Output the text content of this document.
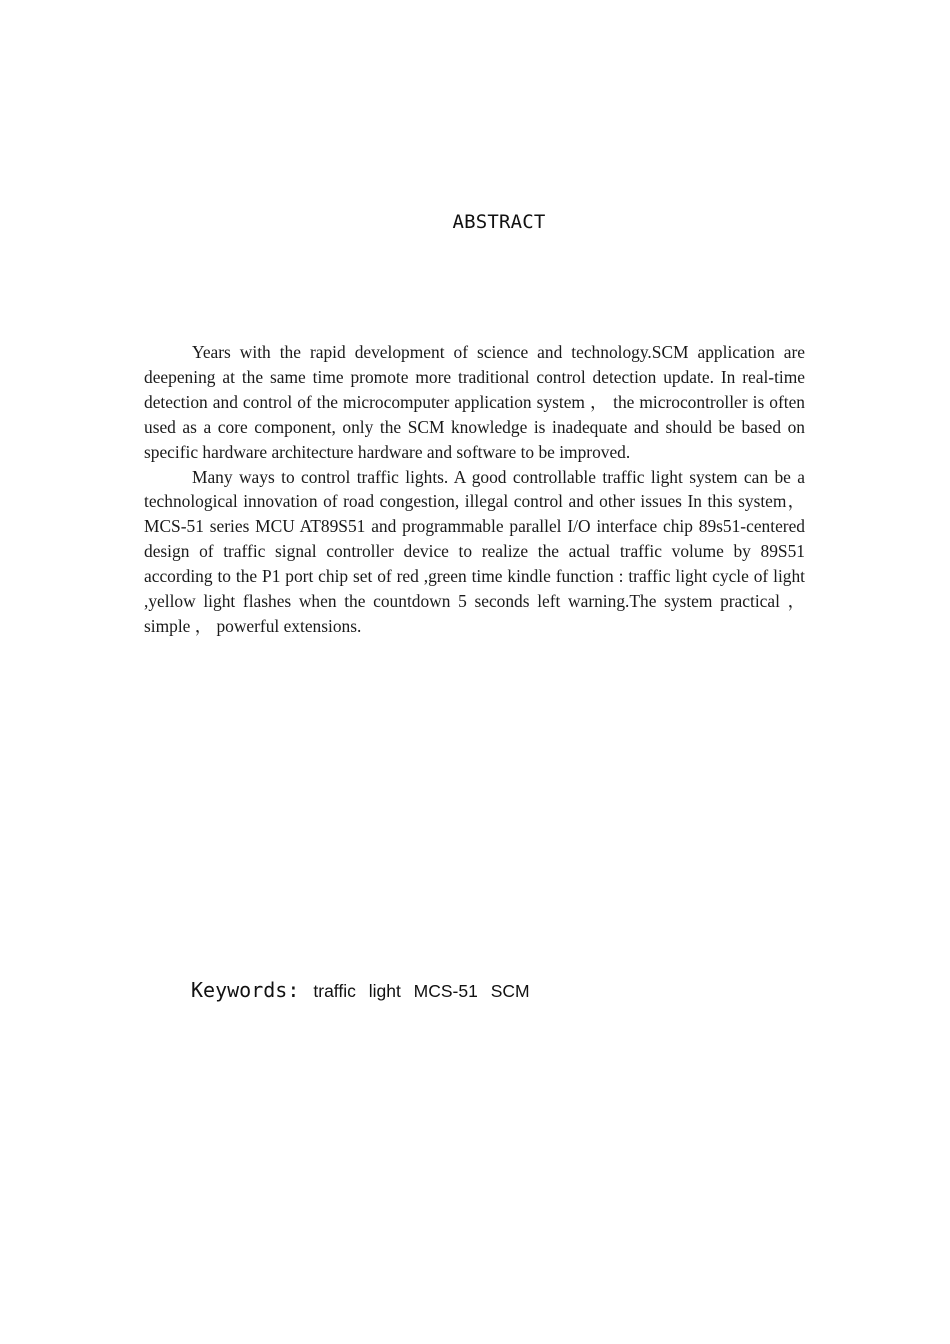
ABSTRACT

Years with the rapid development of science and technology.SCM application are deepening at the same time promote more traditional control detection update. In real-time detection and control of the microcomputer application system ， the microcontroller is often used as a core component, only the SCM knowledge is inadequate and should be based on specific hardware architecture hardware and software to be improved.

Many ways to control traffic lights. A good controllable traffic light system can be a technological innovation of road congestion, illegal control and other issues In this system，MCS-51 series MCU AT89S51 and programmable parallel I/O interface chip 89s51-centered design of traffic signal controller device to realize the actual traffic volume by 89S51 according to the P1 port chip set of red ,green time kindle function : traffic light cycle of light ,yellow light flashes when the countdown 5 seconds left warning.The system practical ， simple ， powerful extensions.

Keywords: traffic light MCS-51 SCM
